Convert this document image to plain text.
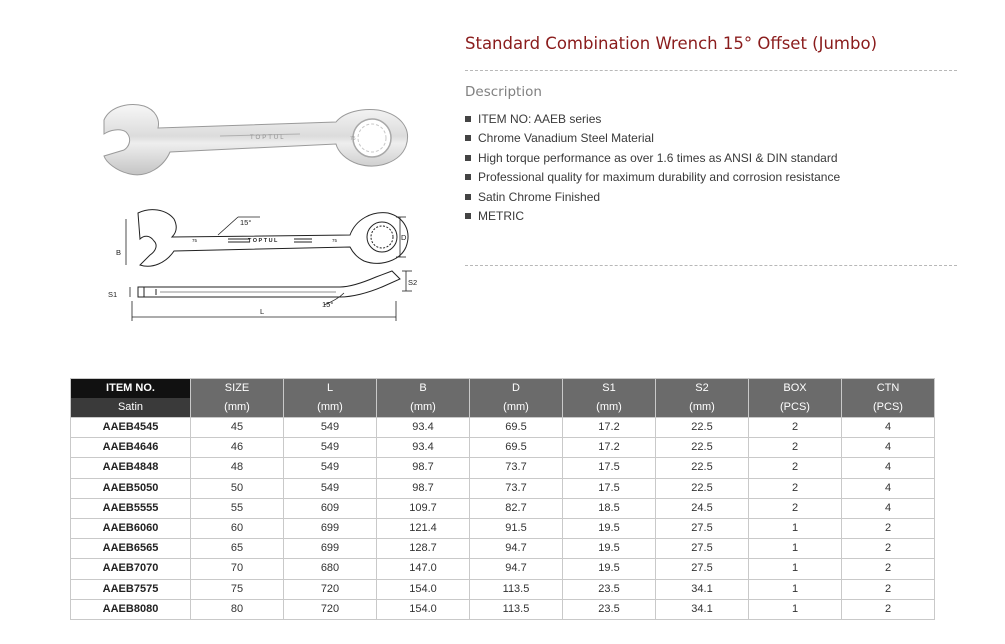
TOPTUL	75
15°
B
D
S1
S2
L
15°
TOPTUL
75	75
Standard Combination Wrench 15° Offset (Jumbo)
Description
ITEM NO: AAEB series
Chrome Vanadium Steel Material
High torque performance as over 1.6 times as ANSI & DIN standard
Professional quality for maximum durability and corrosion resistance
Satin Chrome Finished
METRIC
ITEM NO.	SIZE	L	B	D	S1	S2	BOX	CTN
Satin	(mm)	(mm)	(mm)	(mm)	(mm)	(mm)	(PCS)	(PCS)
AAEB4545	45	549	93.4	69.5	17.2	22.5	2	4
AAEB4646	46	549	93.4	69.5	17.2	22.5	2	4
AAEB4848	48	549	98.7	73.7	17.5	22.5	2	4
AAEB5050	50	549	98.7	73.7	17.5	22.5	2	4
AAEB5555	55	609	109.7	82.7	18.5	24.5	2	4
AAEB6060	60	699	121.4	91.5	19.5	27.5	1	2
AAEB6565	65	699	128.7	94.7	19.5	27.5	1	2
AAEB7070	70	680	147.0	94.7	19.5	27.5	1	2
AAEB7575	75	720	154.0	113.5	23.5	34.1	1	2
AAEB8080	80	720	154.0	113.5	23.5	34.1	1	2
